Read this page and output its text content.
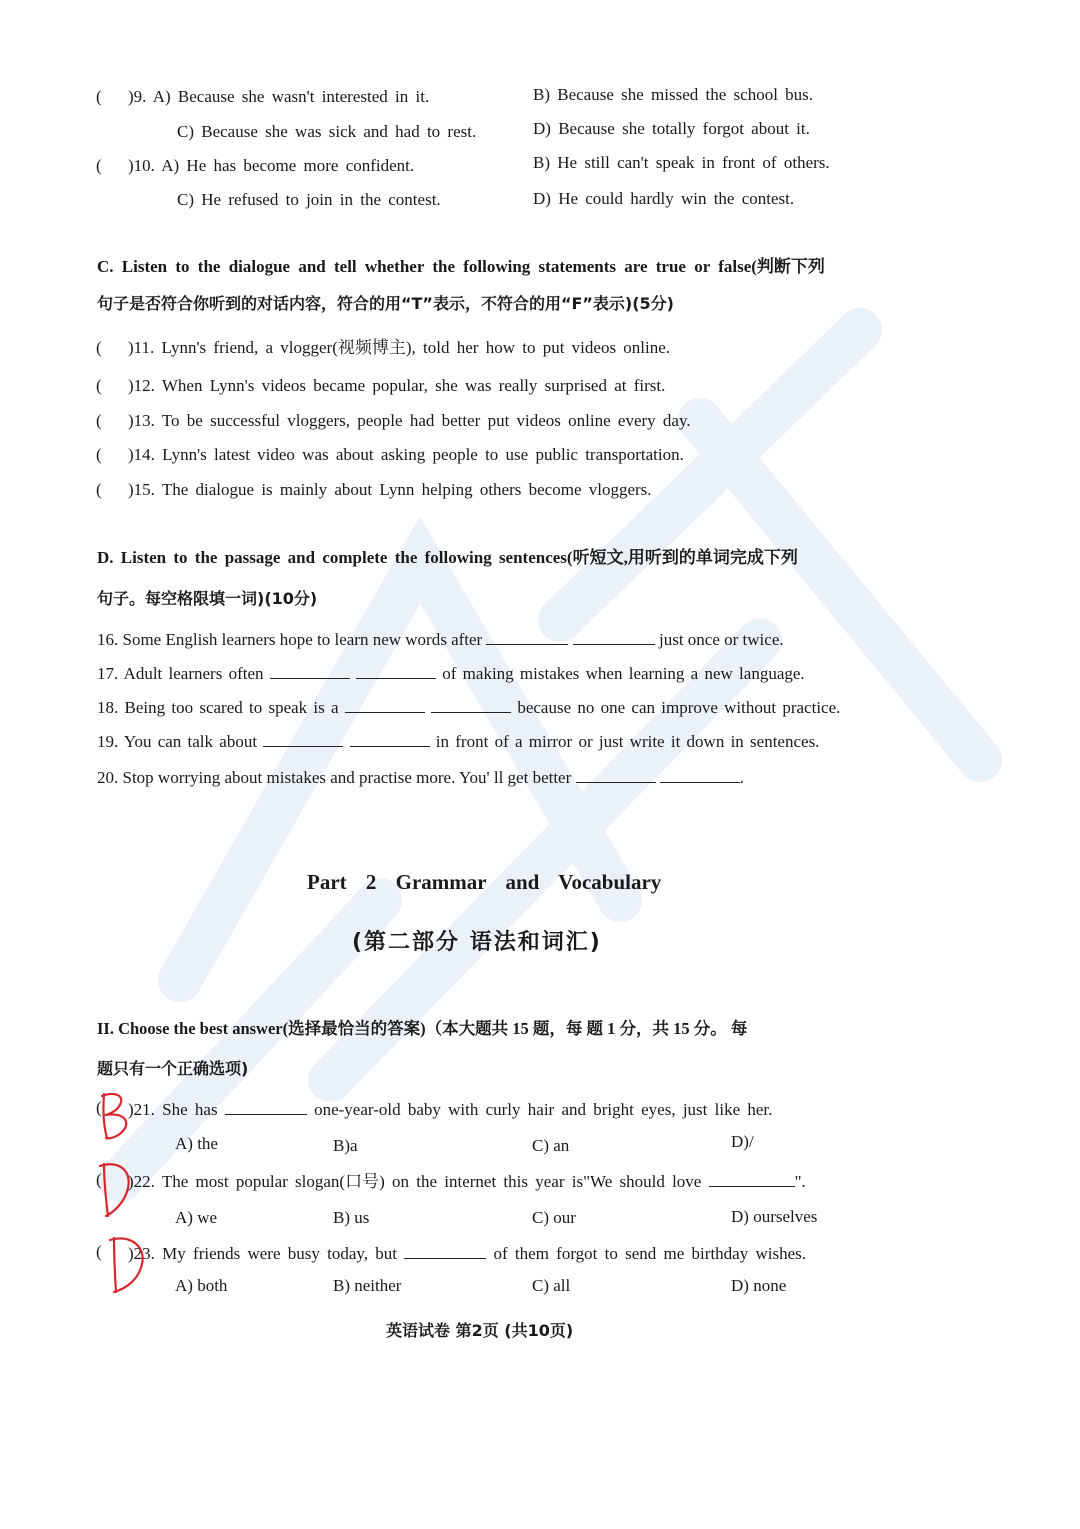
( )9. A) Because she wasn't interested in it.	B) Because she missed the school bus.
C) Because she was sick and had to rest.	D) Because she totally forgot about it.
( )10. A) He has become more confident.	B) He still can't speak in front of others.
C) He refused to join in the contest.	D) He could hardly win the contest.
C. Listen to the dialogue and tell whether the following statements are true or false(判断下列
句子是否符合你听到的对话内容，符合的用“T”表示，不符合的用“F”表示)(5分)
( )11. Lynn's friend, a vlogger(视频博主), told her how to put videos online.
( )12. When Lynn's videos became popular, she was really surprised at first.
( )13. To be successful vloggers, people had better put videos online every day.
( )14. Lynn's latest video was about asking people to use public transportation.
( )15. The dialogue is mainly about Lynn helping others become vloggers.
D. Listen to the passage and complete the following sentences(听短文,用听到的单词完成下列
句子。每空格限填一词)(10分)
16. Some English learners hope to learn new words after	just once or twice.
17. Adult learners often	of making mistakes when learning a new language.
18. Being too scared to speak is a	because no one can improve without practice.
19. You can talk about	in front of a mirror or just write it down in sentences.
20. Stop worrying about mistakes and practise more. You' ll get better	.
Part 2 Grammar and Vocabulary
(第二部分 语法和词汇)
II. Choose the best answer(选择最恰当的答案)（本大题共 15 题，每 题 1 分，共 15 分。 每
题只有一个正确选项)
( )21. She has	one-year-old baby with curly hair and bright eyes, just like her.
A) the	B)a	C) an	D)/
( )22. The most popular slogan(口号) on the internet this year is"We should love	".
A) we	B) us	C) our	D) ourselves
( )23. My friends were busy today, but	of them forgot to send me birthday wishes.
A) both	B) neither	C) all	D) none
英语试卷 第2页 (共10页)
